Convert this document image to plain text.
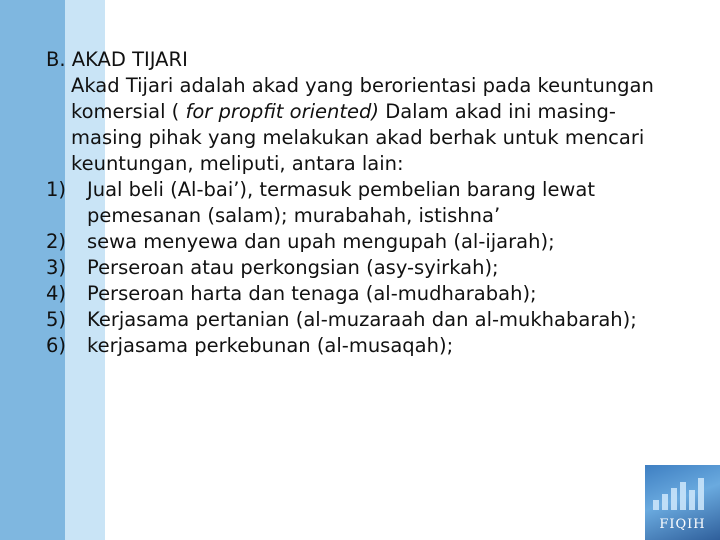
B. AKAD TIJARI

Akad Tijari adalah akad yang berorientasi pada keuntungan komersial ( for propfit oriented) Dalam akad ini masing-masing pihak yang melakukan akad berhak untuk mencari keuntungan, meliputi, antara lain:

1) Jual beli (Al-bai’), termasuk pembelian barang lewat pemesanan (salam); murabahah, istishna’
2) sewa menyewa dan upah mengupah (al-ijarah);
3) Perseroan atau perkongsian (asy-syirkah);
4) Perseroan harta dan tenaga (al-mudharabah);
5) Kerjasama pertanian (al-muzaraah dan al-mukhabarah);
6) kerjasama perkebunan (al-musaqah);
FIQIH
